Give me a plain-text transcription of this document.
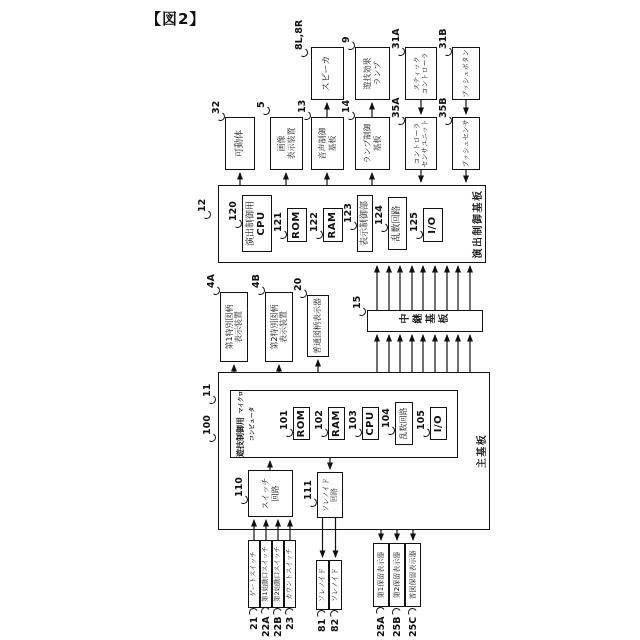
【図2】
演出制御基板
主基板
遊技制御用 マイクロコンピュータ
中継基板
演出制御用 CPU ROM	RAM 表示制御部	乱数回路 I/O
ROM RAM CPU	乱数回路 I/O
スイッチ 回路	ソレノイド 回路
第1特別図柄 表示装置	第2特別図柄 表示装置	普通図柄表示器
可動体	画像 表示装置	音声制御 基板	ランプ制御 基板	コントローラ センサユニット	プッシュセンサ
スピーカ	遊技効果 ランプ	スティック コントローラ	プッシュボタン
ゲートスイッチ 第1始動口スイッチ 第2始動口スイッチ カウントスイッチ	ソレノイド ソレノイド	第1保留表示器 第2保留表示器 普図保留表示器
12 120
121	122 123 124	125
100
11
101	102 103 104	105
110	111
15
4A	4B	20
32	5	13
8L,8R
14
9
35A
31A
35B
31B
21 22A 22B 23 81 82	25A 25B 25C
